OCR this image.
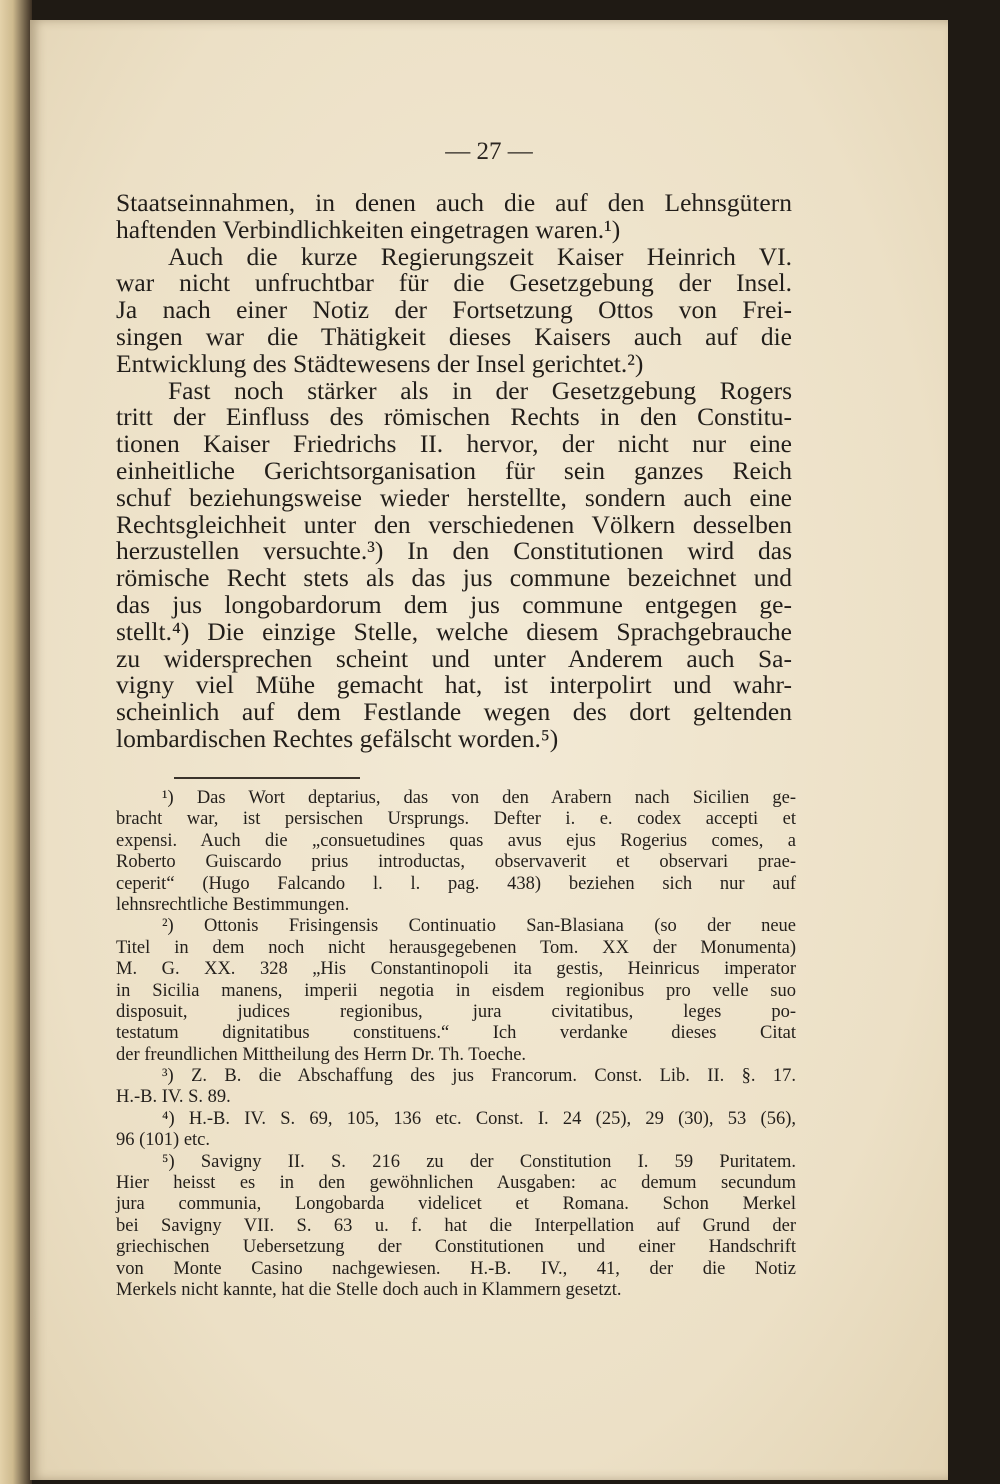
— 27 —
Staatseinnahmen, in denen auch die auf den Lehnsgütern
haftenden Verbindlichkeiten eingetragen waren.¹)
Auch die kurze Regierungszeit Kaiser Heinrich VI.
war nicht unfruchtbar für die Gesetzgebung der Insel.
Ja nach einer Notiz der Fortsetzung Ottos von Frei-
singen war die Thätigkeit dieses Kaisers auch auf die
Entwicklung des Städtewesens der Insel gerichtet.²)
Fast noch stärker als in der Gesetzgebung Rogers
tritt der Einfluss des römischen Rechts in den Constitu-
tionen Kaiser Friedrichs II. hervor, der nicht nur eine
einheitliche Gerichtsorganisation für sein ganzes Reich
schuf beziehungsweise wieder herstellte, sondern auch eine
Rechtsgleichheit unter den verschiedenen Völkern desselben
herzustellen versuchte.³) In den Constitutionen wird das
römische Recht stets als das jus commune bezeichnet und
das jus longobardorum dem jus commune entgegen ge-
stellt.⁴) Die einzige Stelle, welche diesem Sprachgebrauche
zu widersprechen scheint und unter Anderem auch Sa-
vigny viel Mühe gemacht hat, ist interpolirt und wahr-
scheinlich auf dem Festlande wegen des dort geltenden
lombardischen Rechtes gefälscht worden.⁵)
¹) Das Wort deptarius, das von den Arabern nach Sicilien ge-
bracht war, ist persischen Ursprungs. Defter i. e. codex accepti et
expensi. Auch die „consuetudines quas avus ejus Rogerius comes, a
Roberto Guiscardo prius introductas, observaverit et observari prae-
ceperit“ (Hugo Falcando l. l. pag. 438) beziehen sich nur auf
lehnsrechtliche Bestimmungen.
²) Ottonis Frisingensis Continuatio San-Blasiana (so der neue
Titel in dem noch nicht herausgegebenen Tom. XX der Monumenta)
M. G. XX. 328 „His Constantinopoli ita gestis, Heinricus imperator
in Sicilia manens, imperii negotia in eisdem regionibus pro velle suo
disposuit, judices regionibus, jura civitatibus, leges po-
testatum dignitatibus constituens.“ Ich verdanke dieses Citat
der freundlichen Mittheilung des Herrn Dr. Th. Toeche.
³) Z. B. die Abschaffung des jus Francorum. Const. Lib. II. §. 17.
H.-B. IV. S. 89.
⁴) H.-B. IV. S. 69, 105, 136 etc. Const. I. 24 (25), 29 (30), 53 (56),
96 (101) etc.
⁵) Savigny II. S. 216 zu der Constitution I. 59 Puritatem.
Hier heisst es in den gewöhnlichen Ausgaben: ac demum secundum
jura communia, Longobarda videlicet et Romana. Schon Merkel
bei Savigny VII. S. 63 u. f. hat die Interpellation auf Grund der
griechischen Uebersetzung der Constitutionen und einer Handschrift
von Monte Casino nachgewiesen. H.-B. IV., 41, der die Notiz
Merkels nicht kannte, hat die Stelle doch auch in Klammern gesetzt.
